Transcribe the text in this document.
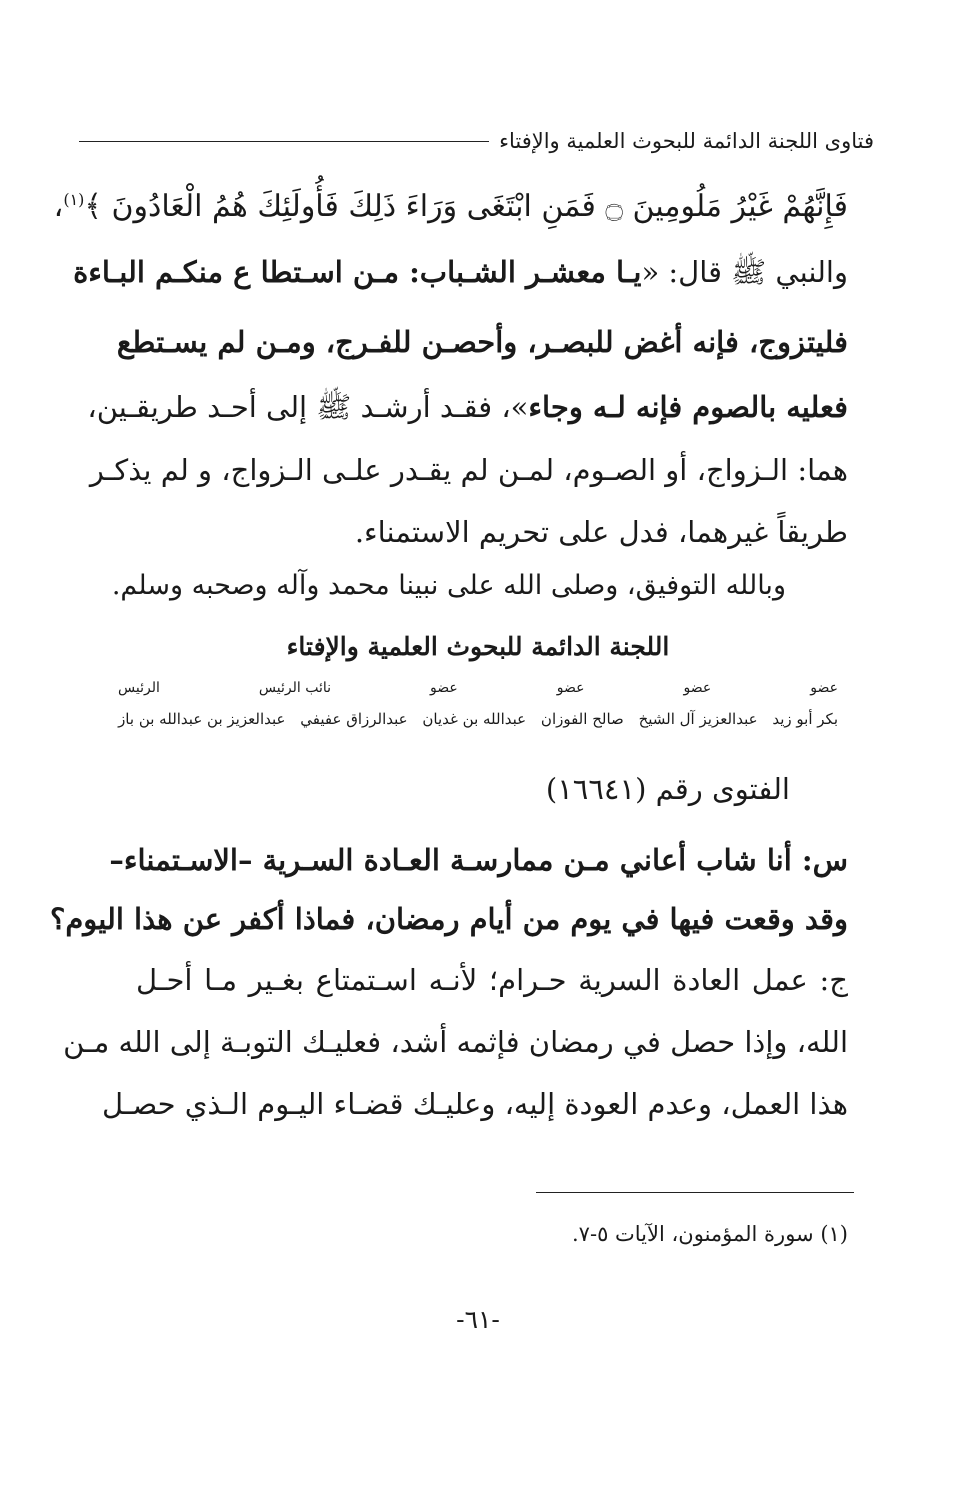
فتاوى اللجنة الدائمة للبحوث العلمية والإفتاء
فَإِنَّهُمْ غَيْرُ مَلُومِينَ ۝ فَمَنِ ابْتَغَى وَرَاءَ ذَلِكَ فَأُولَئِكَ هُمُ الْعَادُونَ ﴾$^{(١)}$،
والنبي ﷺ قال: «يـا معشـر الشـباب: مـن اسـتطا ع منكـم البـاءة
فليتزوج، فإنه أغض للبصـر، وأحصـن للفـرج، ومـن لم يسـتطع
فعليه بالصوم فإنه لـه وجاء»، فقـد أرشـد ﷺ إلى أحـد طريقـين،
هما: الـزواج، أو الصـوم، لمـن لم يقـدر علـى الـزواج، و لم يذكـر
طريقاً غيرهما، فدل على تحريم الاستمناء.
وبالله التوفيق، وصلى الله على نبينا محمد وآله وصحبه وسلم.
اللجنة الدائمة للبحوث العلمية والإفتاء
عضو
عضو
عضو
عضو
نائب الرئيس
الرئيس
بكر أبو زيد
عبدالعزيز آل الشيخ
صالح الفوزان
عبدالله بن غديان
عبدالرزاق عفيفي
عبدالعزيز بن عبدالله بن باز
الفتوى رقم (١٦٦٤١)
س: أنا شاب أعاني مـن ممارسـة العـادة السـرية –الاسـتمناء–
وقد وقعت فيها في يوم من أيام رمضان، فماذا أكفر عن هذا اليوم؟
ج: عمل العادة السرية حـرام؛ لأنـه اسـتمتاع بغـير مـا أحـل
الله، وإذا حصل في رمضان فإثمه أشد، فعليـك التوبـة إلى الله مـن
هذا العمل، وعدم العودة إليه، وعليـك قضـاء اليـوم الـذي حصـل
(١) سورة المؤمنون، الآيات ٥-٧.
-٦١-
